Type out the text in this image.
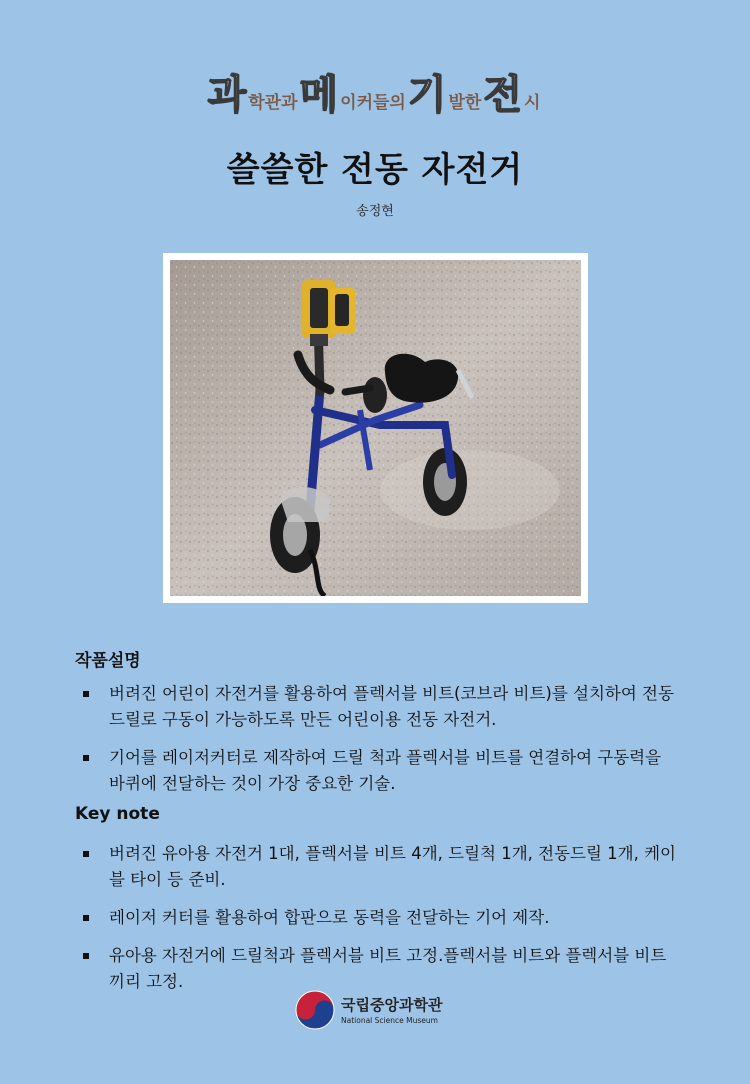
과 학관과메 이커들의기 발한전 시
쓸쓸한 전동 자전거
송정현
작품설명
버려진 어린이 자전거를 활용하여 플렉서블 비트(코브라 비트)를 설치하여 전동드릴로 구동이 가능하도록 만든 어린이용 전동 자전거.
기어를 레이저커터로 제작하여 드릴 척과 플렉서블 비트를 연결하여 구동력을 바퀴에 전달하는 것이 가장 중요한 기술.
Key note
버려진 유아용 자전거 1대, 플렉서블 비트 4개, 드릴척 1개, 전동드릴 1개, 케이블 타이 등 준비.
레이저 커터를 활용하여 합판으로 동력을 전달하는 기어 제작.
유아용 자전거에 드릴척과 플렉서블 비트 고정.플렉서블 비트와 플렉서블 비트끼리 고정.
국립중앙과학관
National Science Museum
